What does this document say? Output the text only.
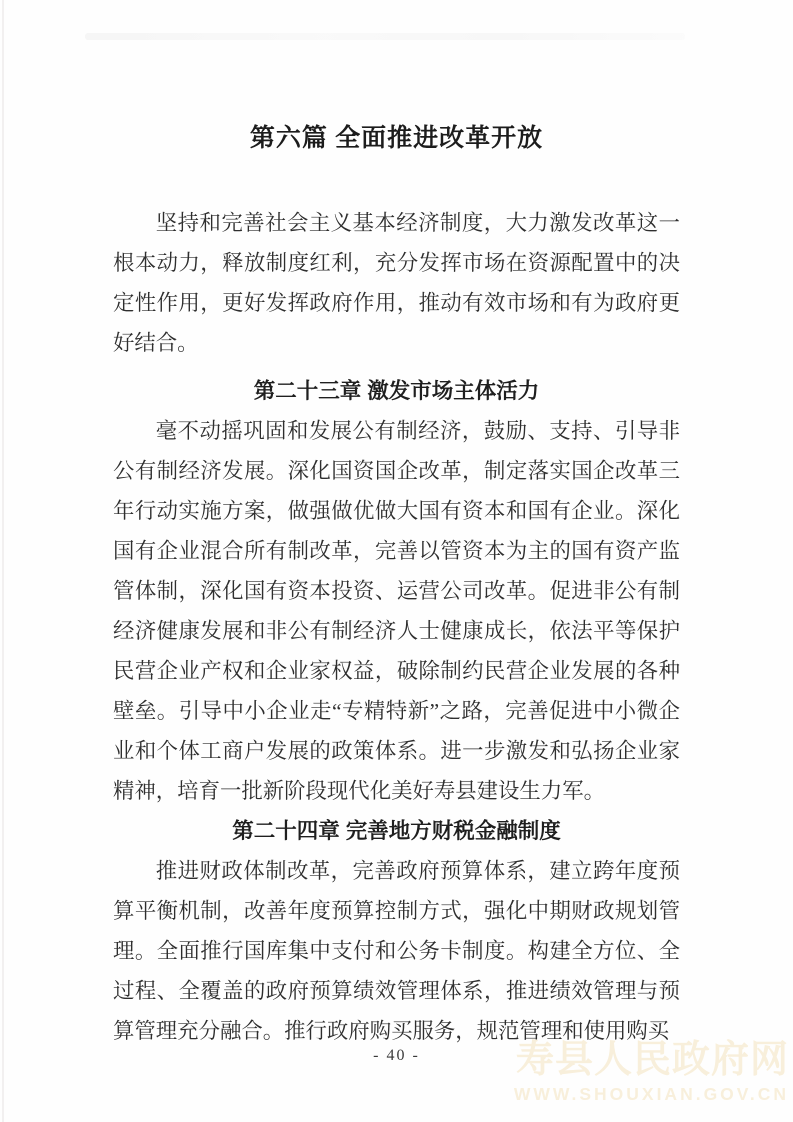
第六篇 全面推进改革开放

坚持和完善社会主义基本经济制度，大力激发改革这一根本动力，释放制度红利，充分发挥市场在资源配置中的决定性作用，更好发挥政府作用，推动有效市场和有为政府更好结合。

第二十三章 激发市场主体活力

毫不动摇巩固和发展公有制经济，鼓励、支持、引导非公有制经济发展。深化国资国企改革，制定落实国企改革三年行动实施方案，做强做优做大国有资本和国有企业。深化国有企业混合所有制改革，完善以管资本为主的国有资产监管体制，深化国有资本投资、运营公司改革。促进非公有制经济健康发展和非公有制经济人士健康成长，依法平等保护民营企业产权和企业家权益，破除制约民营企业发展的各种壁垒。引导中小企业走“专精特新”之路，完善促进中小微企业和个体工商户发展的政策体系。进一步激发和弘扬企业家精神，培育一批新阶段现代化美好寿县建设生力军。

第二十四章 完善地方财税金融制度

推进财政体制改革，完善政府预算体系，建立跨年度预算平衡机制，改善年度预算控制方式，强化中期财政规划管理。全面推行国库集中支付和公务卡制度。构建全方位、全过程、全覆盖的政府预算绩效管理体系，推进绩效管理与预算管理充分融合。推行政府购买服务，规范管理和使用购买

- 40 -	寿县人民政府网
WWW.SHOUXIAN.GOV.CN
